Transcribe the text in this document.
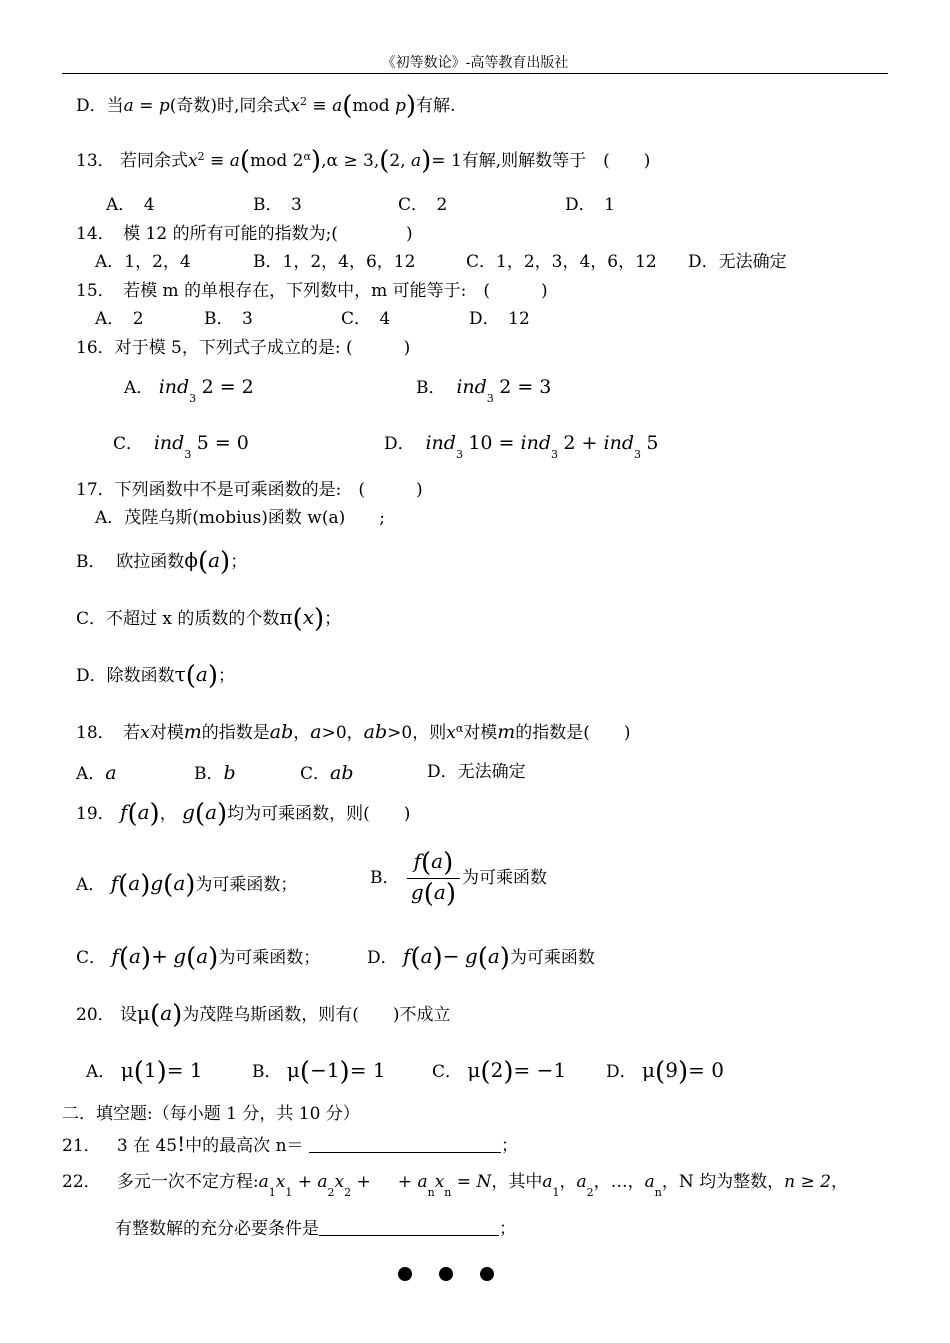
《初等数论》-高等教育出版社
D．当a = p(奇数)时,同余式$x^2 \equiv a(mod$ p)有解.
13． 若同余式$x^2 \equiv a(mod$ $2^\alpha),\alpha \ge 3,(2$, a)= 1有解,则解数等于　 (　　)
A．　 4	B．　 3	C．　 2	D．　 1
14．　 模 12 的所有可能的指数为;(　　　　)
A．1，2，4	B．1，2，4，6，12	C．1，2，3，4，6，12 D．无法确定
15．　 若模 m 的单根存在，下列数中，m 可能等于:　(　　　)
A．　 2	B．　 3	C．　 4	D．　 12
16．对于模 5，下列式子成立的是: (　　　)
A． ind$_3$ 2 = 2	B． ind$_3$ 2 = 3
C． ind$_3$ 5 = 0	D． ind$_3$ 10 = ind$_3$ 2 + ind$_3$ 5
17．下列函数中不是可乘函数的是:　(　　　)
A．茂陛乌斯(mobius)函数 w(a)　　;
B． 欧拉函数ϕ(a)；
C．不超过 x 的质数的个数π(x)；
D．除数函数τ(a)；
18．　 若x对模m的指数是ab，a>0，ab>0，则$x^\alpha$对模m的指数是(　　)
A．a	B．b	C．ab	D．无法确定
19． f(a)， g(a)均为可乘函数，则(　　)
A． f(a)g(a)为可乘函数；	B． $\frac{f(a)}{g(a)}$ 为可乘函数
C． f(a)+ g(a)为可乘函数；	D． f(a)− g(a)为可乘函数
20． 设μ(a)为茂陛乌斯函数，则有(　　)不成立
A． μ(1)= 1	B． μ(−1)= 1	C． μ(2)= −1 D． μ(9)= 0
二．填空题:（每小题 1 分，共 10 分）
21． 3 在 45!中的最高次 n＝	；
22． 多元一次不定方程$:a_1x_1 + a_2x_2$ +     + $a_nx_n = N$，其中$a_1$，$a_2$，…，$a_n$，N 均为整数，n ≥ 2，
有整数解的充分必要条件是	；
